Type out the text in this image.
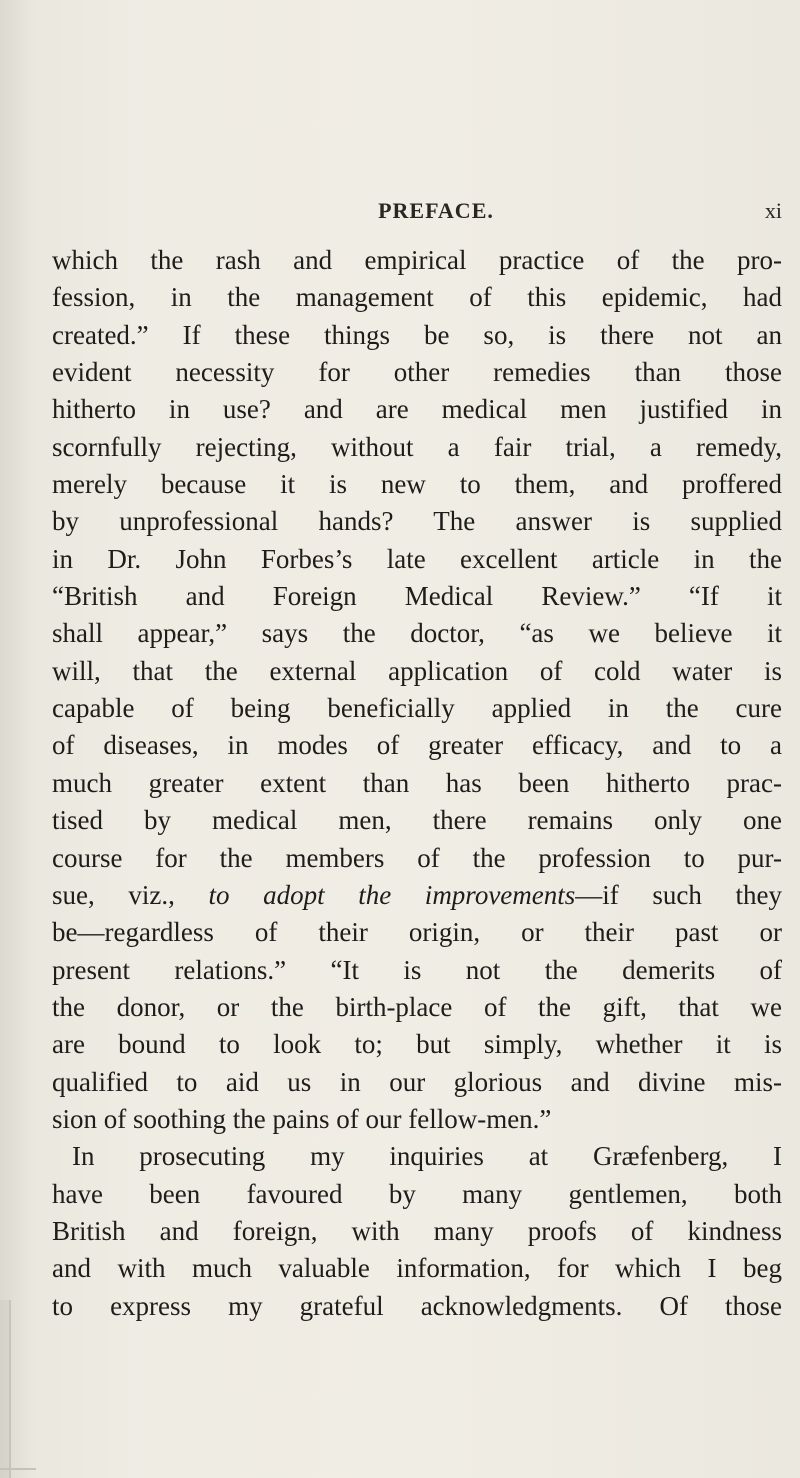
PREFACE.	xi
which the rash and empirical practice of the pro-
fession, in the management of this epidemic, had
created.” If these things be so, is there not an
evident necessity for other remedies than those
hitherto in use? and are medical men justified in
scornfully rejecting, without a fair trial, a remedy,
merely because it is new to them, and proffered
by unprofessional hands? The answer is supplied
in Dr. John Forbes’s late excellent article in the
“British and Foreign Medical Review.” “If it
shall appear,” says the doctor, “as we believe it
will, that the external application of cold water is
capable of being beneficially applied in the cure
of diseases, in modes of greater efficacy, and to a
much greater extent than has been hitherto prac-
tised by medical men, there remains only one
course for the members of the profession to pur-
sue, viz., to adopt the improvements —if such they
be—regardless of their origin, or their past or
present relations.” “It is not the demerits of
the donor, or the birth-place of the gift, that we
are bound to look to; but simply, whether it is
qualified to aid us in our glorious and divine mis-
sion of soothing the pains of our fellow-men.”
In prosecuting my inquiries at Græfenberg, I
have been favoured by many gentlemen, both
British and foreign, with many proofs of kindness
and with much valuable information, for which I beg
to express my grateful acknowledgments. Of those
